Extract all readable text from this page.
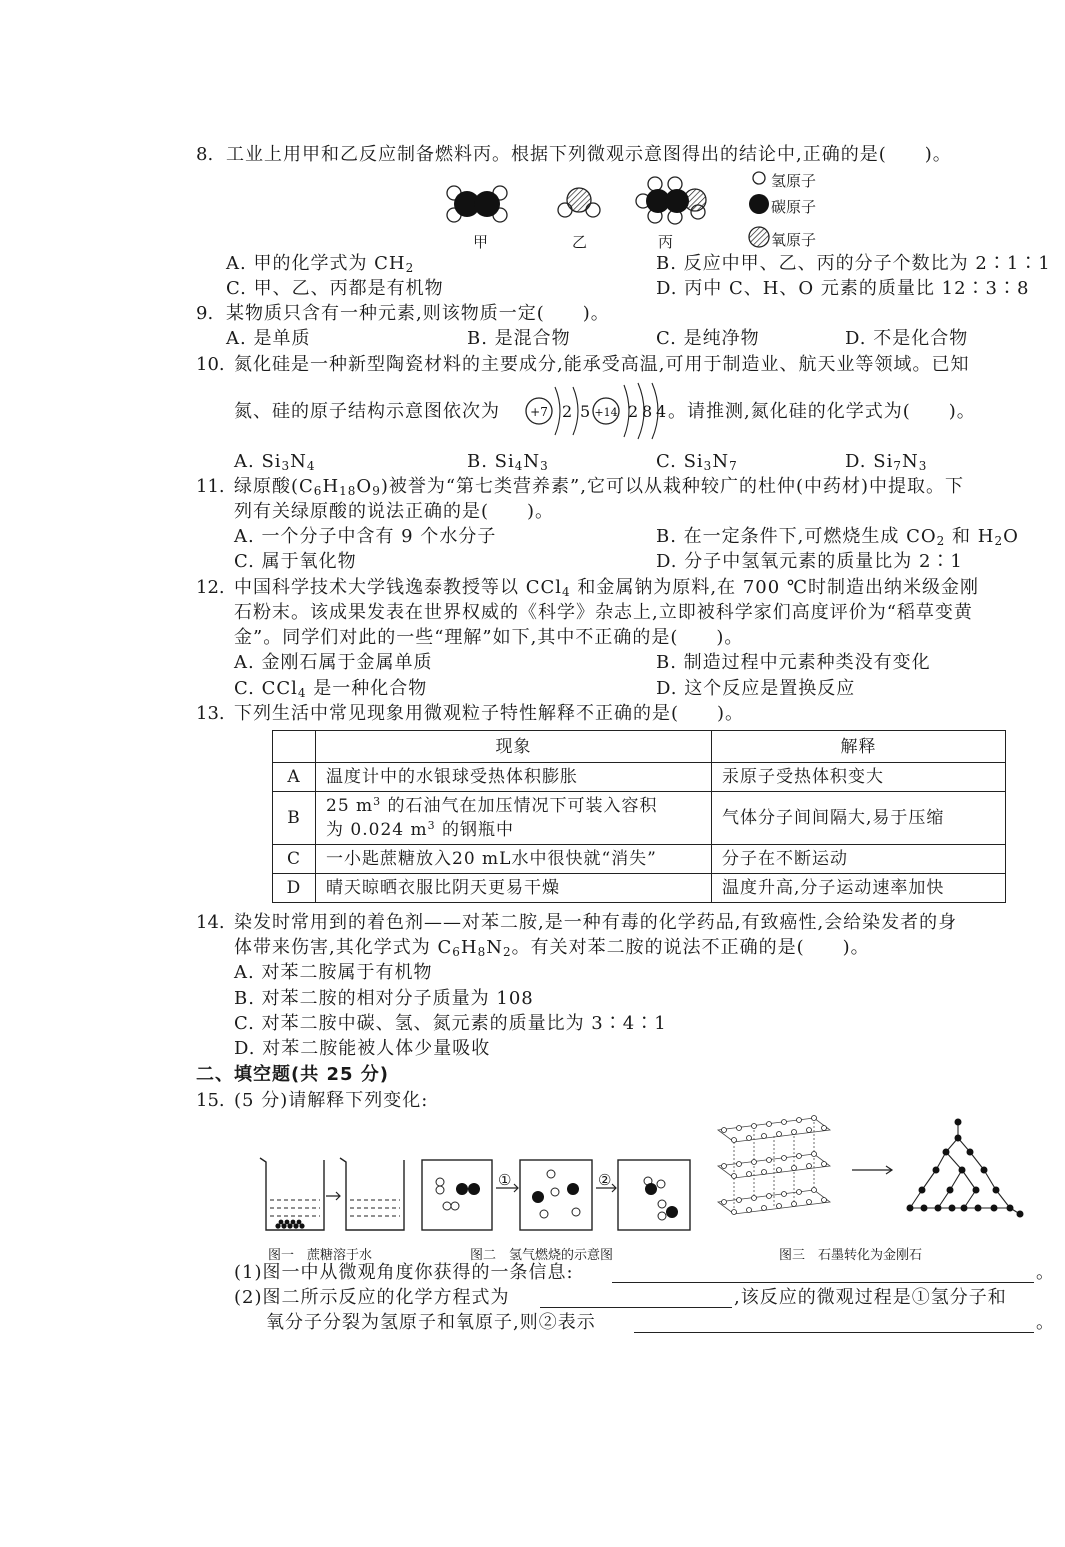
8. 工业上用甲和乙反应制备燃料丙。根据下列微观示意图得出的结论中,正确的是(　　)。
氢原子
碳原子
氧原子
甲	乙	丙
A. 甲的化学式为 $CH_2$	B. 反应中甲、乙、丙的分子个数比为 2∶1∶1
C. 甲、乙、丙都是有机物	D. 丙中 C、H、O 元素的质量比 12∶3∶8
9. 某物质只含有一种元素,则该物质一定(　　)。
A. 是单质	B. 是混合物	C. 是纯净物	D. 不是化合物
10. 氮化硅是一种新型陶瓷材料的主要成分,能承受高温,可用于制造业、航天业等领域。已知
氮、硅的原子结构示意图依次为	+7 2 5 +14 2 8 4 。请推测,氮化硅的化学式为(　　)。
A. $Si_3N_4$	B. $Si_4N_3$	C. $Si_3N_7$	D. $Si_7N_3$
11. 绿原酸$(C_6H_{18}O_9)$被誉为“第七类营养素”,它可以从栽种较广的杜仲(中药材)中提取。下
列有关绿原酸的说法正确的是(　　)。
A. 一个分子中含有 9 个水分子	B. 在一定条件下,可燃烧生成 $CO_2$ 和 $H_2O$
C. 属于氧化物	D. 分子中氢氧元素的质量比为 2∶1
12. 中国科学技术大学钱逸泰教授等以 CCl$_4$ 和金属钠为原料,在 700 ℃时制造出纳米级金刚
石粉末。该成果发表在世界权威的《科学》杂志上,立即被科学家们高度评价为“稻草变黄
金”。同学们对此的一些“理解”如下,其中不正确的是(　　)。
A. 金刚石属于金属单质	B. 制造过程中元素种类没有变化
C. CCl$_4$ 是一种化合物	D. 这个反应是置换反应
13. 下列生活中常见现象用微观粒子特性解释不正确的是(　　)。
	现象	解释
A	温度计中的水银球受热体积膨胀	汞原子受热体积变大
B	25 $m^3$ 的石油气在加压情况下可装入容积
为 0.024 $m^3$ 的钢瓶中	气体分子间间隔大,易于压缩
C	一小匙蔗糖放入20 mL水中很快就“消失”	分子在不断运动
D	晴天晾晒衣服比阴天更易干燥	温度升高,分子运动速率加快
14. 染发时常用到的着色剂——对苯二胺,是一种有毒的化学药品,有致癌性,会给染发者的身
体带来伤害,其化学式为 $C_6H_8N_2$。有关对苯二胺的说法不正确的是(　　)。
A. 对苯二胺属于有机物
B. 对苯二胺的相对分子质量为 108
C. 对苯二胺中碳、氢、氮元素的质量比为 3∶4∶1
D. 对苯二胺能被人体少量吸收
二、填空题(共 25 分)
15. (5 分)请解释下列变化:
①	②
图一　蔗糖溶于水	图二　氢气燃烧的示意图	图三　石墨转化为金刚石
(1)图一中从微观角度你获得的一条信息:	。
(2)图二所示反应的化学方程式为	,该反应的微观过程是①氢分子和
氧分子分裂为氢原子和氧原子,则②表示	。
